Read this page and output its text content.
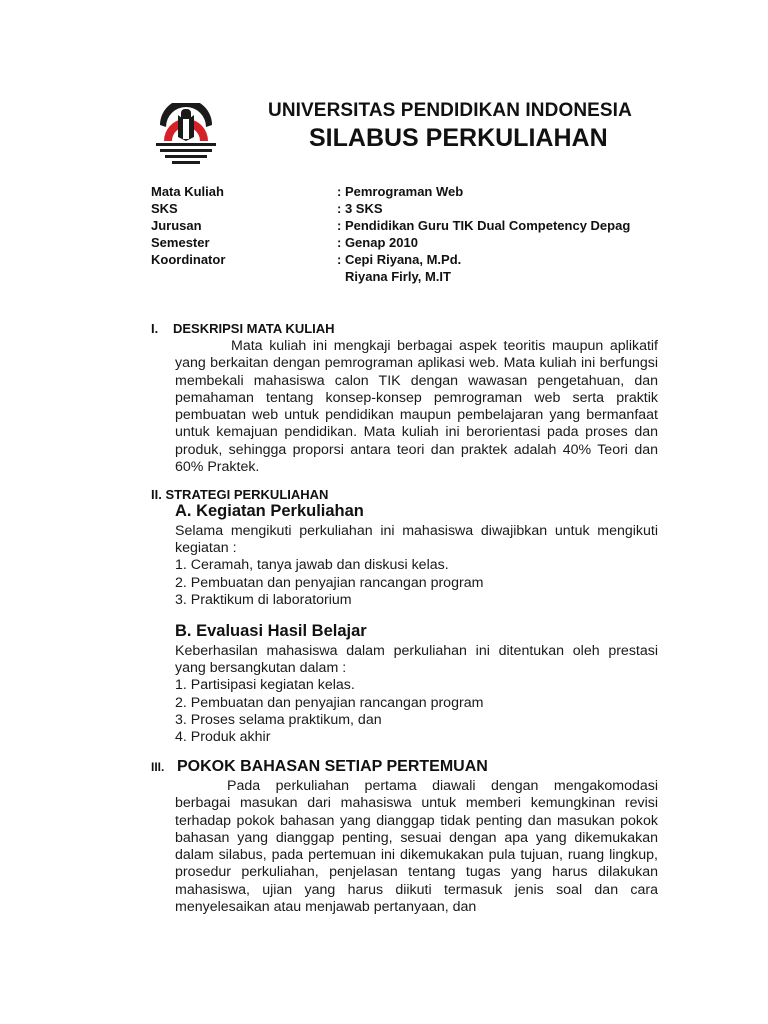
UNIVERSITAS PENDIDIKAN INDONESIA
SILABUS PERKULIAHAN
Mata Kuliah	: Pemrograman Web
SKS	: 3 SKS
Jurusan	: Pendidikan Guru TIK Dual Competency Depag
Semester	: Genap 2010
Koordinator	: Cepi Riyana, M.Pd.
Riyana Firly, M.IT
I. DESKRIPSI MATA KULIAH
Mata kuliah ini mengkaji berbagai aspek teoritis maupun aplikatif yang berkaitan dengan pemrograman aplikasi web. Mata kuliah ini berfungsi membekali mahasiswa calon TIK dengan wawasan pengetahuan, dan pemahaman tentang konsep-konsep pemrograman web serta praktik pembuatan web untuk pendidikan maupun pembelajaran yang bermanfaat untuk kemajuan pendidikan. Mata kuliah ini berorientasi pada proses dan produk, sehingga proporsi antara teori dan praktek adalah 40% Teori dan 60% Praktek.
II. STRATEGI PERKULIAHAN
A. Kegiatan Perkuliahan
Selama mengikuti perkuliahan ini mahasiswa diwajibkan untuk mengikuti kegiatan :
1. Ceramah, tanya jawab dan diskusi kelas.
2. Pembuatan dan penyajian rancangan program
3. Praktikum di laboratorium
B. Evaluasi Hasil Belajar
Keberhasilan mahasiswa dalam perkuliahan ini ditentukan oleh prestasi yang bersangkutan dalam :
1. Partisipasi kegiatan kelas.
2. Pembuatan dan penyajian rancangan program
3. Proses selama praktikum, dan
4. Produk akhir
III. POKOK BAHASAN SETIAP PERTEMUAN
Pada perkuliahan pertama diawali dengan mengakomodasi berbagai masukan dari mahasiswa untuk memberi kemungkinan revisi terhadap pokok bahasan yang dianggap tidak penting dan masukan pokok bahasan yang dianggap penting, sesuai dengan apa yang dikemukakan dalam silabus, pada pertemuan ini dikemukakan pula tujuan, ruang lingkup, prosedur perkuliahan, penjelasan tentang tugas yang harus dilakukan mahasiswa, ujian yang harus diikuti termasuk jenis soal dan cara menyelesaikan atau menjawab pertanyaan, dan
